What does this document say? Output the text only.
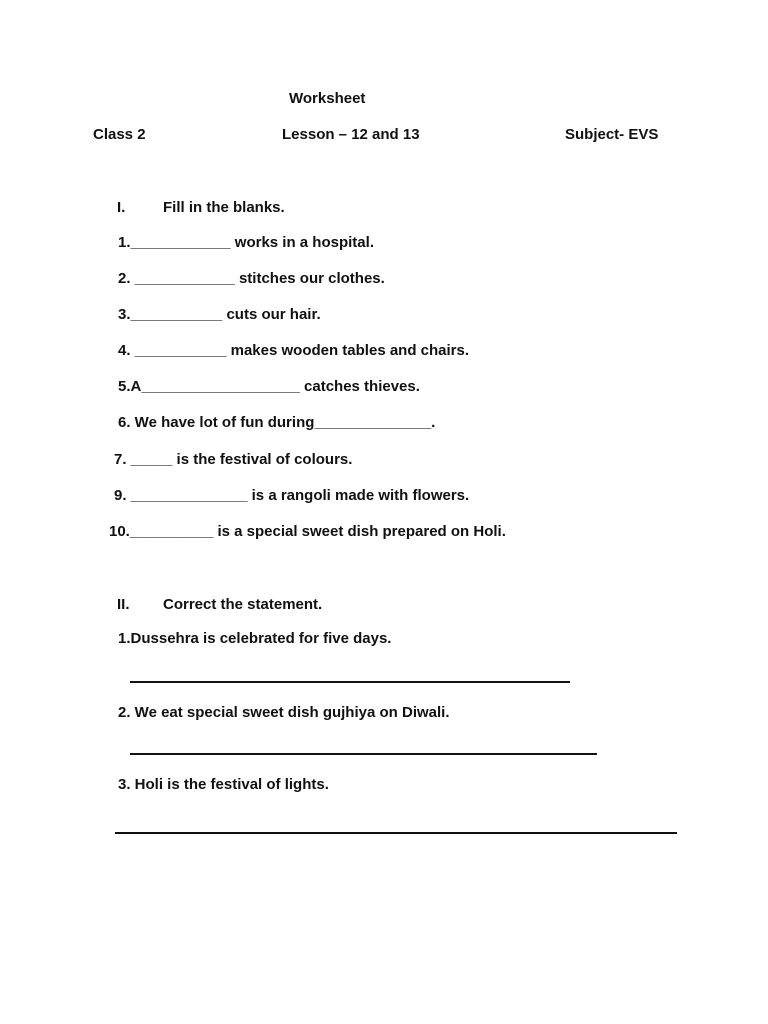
Worksheet
Class 2	Lesson – 12 and 13	Subject- EVS
I.	Fill in the blanks.
1.____________ works in a hospital.
2. ____________ stitches our clothes.
3.___________ cuts our hair.
4. ___________ makes wooden tables and chairs.
5.A___________________ catches thieves.
6. We have lot of fun during______________.
7. _____ is the festival of colours.
9. ______________ is a rangoli made with flowers.
10.__________ is a special sweet dish prepared on Holi.
II. Correct the statement.
1.Dussehra is celebrated for five days.
2. We eat special sweet dish gujhiya on Diwali.
3. Holi is the festival of lights.
